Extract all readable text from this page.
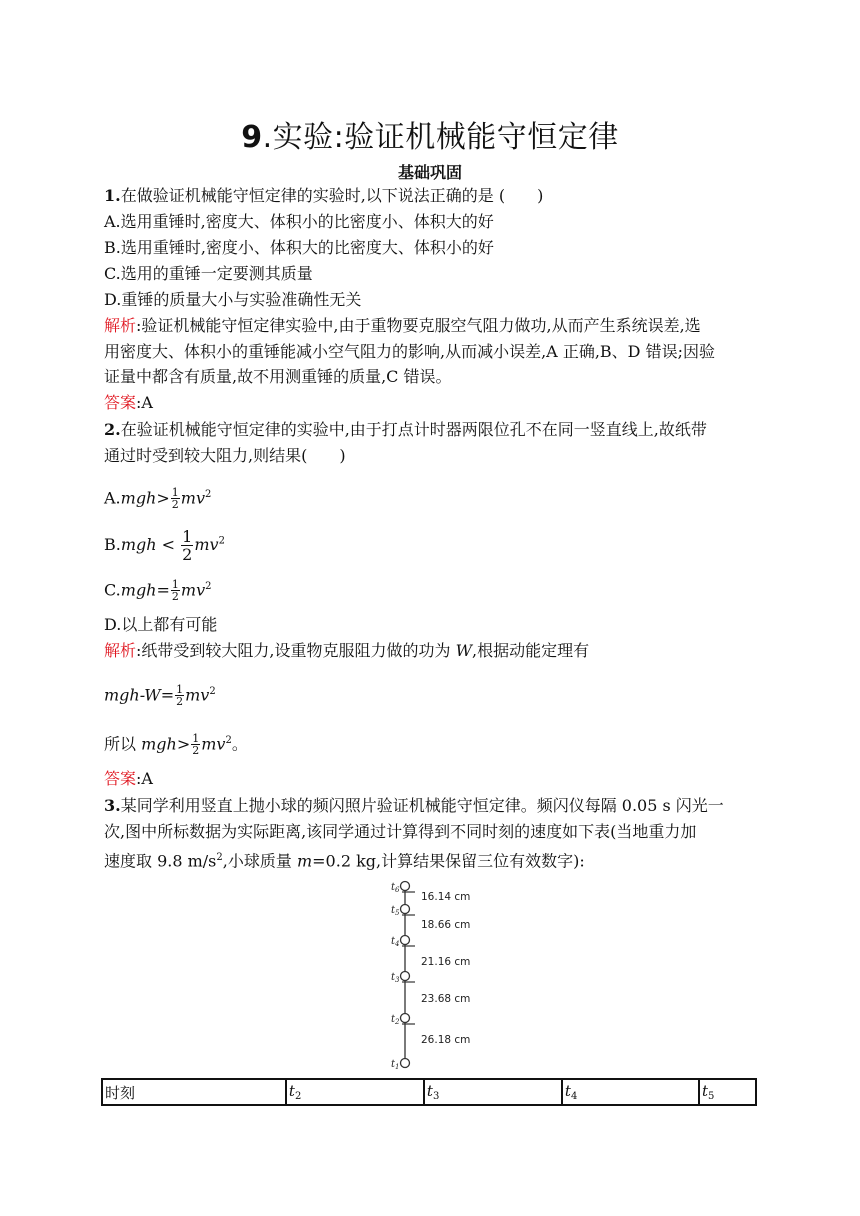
9.实验:验证机械能守恒定律
基础巩固
1.在做验证机械能守恒定律的实验时,以下说法正确的是 (　　)
A.选用重锤时,密度大、体积小的比密度小、体积大的好
B.选用重锤时,密度小、体积大的比密度大、体积小的好
C.选用的重锤一定要测其质量
D.重锤的质量大小与实验准确性无关
解析:验证机械能守恒定律实验中,由于重物要克服空气阻力做功,从而产生系统误差,选
用密度大、体积小的重锤能减小空气阻力的影响,从而减小误差,A 正确,B、D 错误;因验
证量中都含有质量,故不用测重锤的质量,C 错误。
答案:A
2.在验证机械能守恒定律的实验中,由于打点计时器两限位孔不在同一竖直线上,故纸带
通过时受到较大阻力,则结果(　　)
$A.mgh> \frac{1}{2} mv^2$
$B.mgh < \frac{1}{2} mv^2$
$C.mgh= \frac{1}{2} mv^2$
D.以上都有可能
解析:纸带受到较大阻力,设重物克服阻力做的功为 W,根据动能定理有
$mgh-W= \frac{1}{2} mv^2$
所以 $mgh> \frac{1}{2} mv^2$。
答案:A
3.某同学利用竖直上抛小球的频闪照片验证机械能守恒定律。频闪仪每隔 0.05 s 闪光一
次,图中所标数据为实际距离,该同学通过计算得到不同时刻的速度如下表(当地重力加
速度取 9.8 $m/s^2$,小球质量 m=0.2 kg,计算结果保留三位有效数字):
$t_6$
$t_5$
$t_4$
$t_3$
$t_2$
$t_1$
16.14 cm
18.66 cm
21.16 cm
23.68 cm
26.18 cm
时刻	$t_2$	$t_3$	$t_4$	$t_5$
